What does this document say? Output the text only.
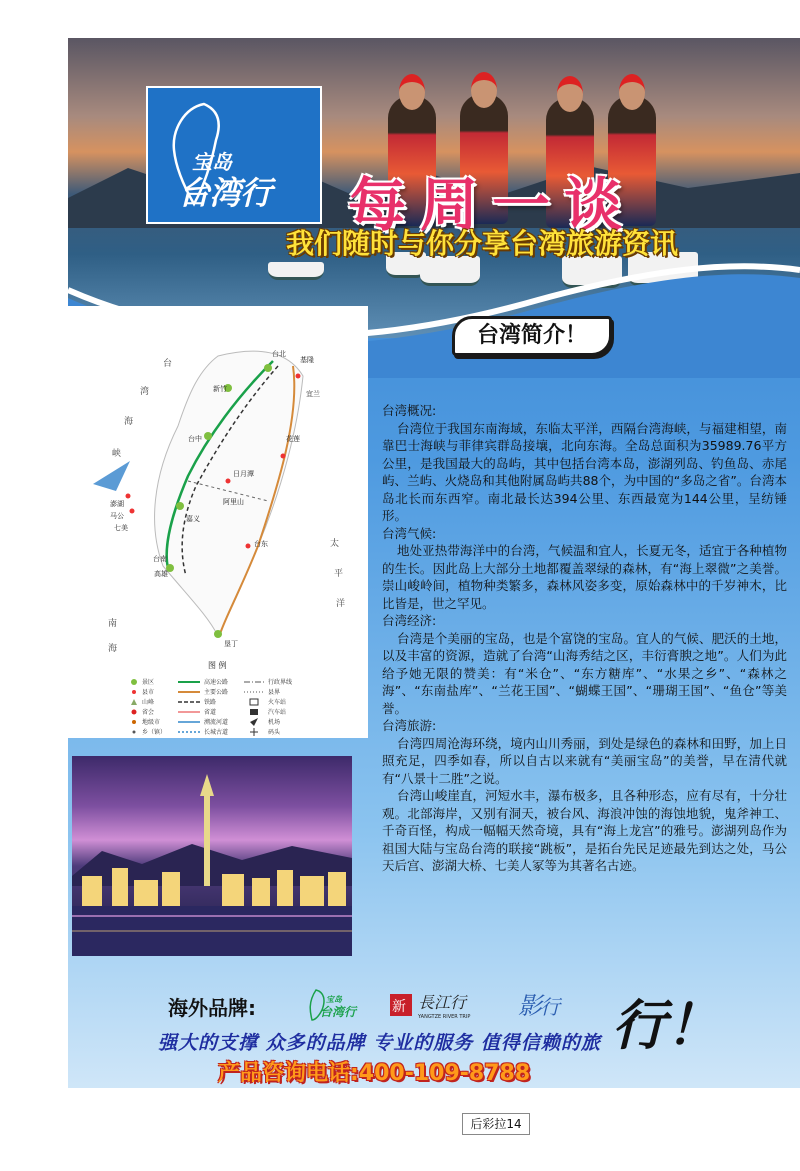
宝岛
台湾行 每周一谈
我们随时与你分享台湾旅游资讯
台湾简介！
台北
台中
台南
高雄
基隆
新竹
花莲
台东
垦丁
日月潭
阿里山
嘉义
宜兰
澎湖
马公
七美
台
湾
海
峡
太
平
洋
南
海
图 例
景区
县市
山峰
省会
地级市
乡（镇）
高速公路
主要公路
铁路
省道
溯流河道
长城古道
行政界线
县界
火车站
汽车站
机场
码头
台湾概况:

台湾位于我国东南海域，东临太平洋，西隔台湾海峡，与福建相望，南靠巴士海峡与菲律宾群岛接壤，北向东海。全岛总面积为35989.76平方公里，是我国最大的岛屿，其中包括台湾本岛，澎湖列岛、钓鱼岛、赤尾屿、兰屿、火烧岛和其他附属岛屿共88个，为中国的“多岛之省”。台湾本岛北长而东西窄。南北最长达394公里、东西最宽为144公里，呈纺锤形。

台湾气候:

地处亚热带海洋中的台湾，气候温和宜人，长夏无冬，适宜于各种植物的生长。因此岛上大部分土地都覆盖翠绿的森林，有“海上翠微”之美誉。崇山峻岭间，植物种类繁多，森林风姿多变，原始森林中的千岁神木，比比皆是，世之罕见。

台湾经济:

台湾是个美丽的宝岛，也是个富饶的宝岛。宜人的气候、肥沃的土地，以及丰富的资源，造就了台湾“山海秀结之区，丰衍膏腴之地”。人们为此给予她无限的赞美：有“米仓”、“东方糖库”、“水果之乡”、“森林之海”、“东南盐库”、“兰花王国”、“蝴蝶王国”、“珊瑚王国”、“鱼仓”等美誉。

台湾旅游:

台湾四周沧海环绕，境内山川秀丽，到处是绿色的森林和田野，加上日照充足，四季如春，所以自古以来就有“美丽宝岛”的美誉，早在清代就有“八景十二胜”之说。

台湾山峻崖直，河短水丰，瀑布极多，且各种形态，应有尽有，十分壮观。北部海岸，又别有洞天，被台风、海浪冲蚀的海蚀地貌，鬼斧神工、千奇百怪，构成一幅幅天然奇境，具有“海上龙宫”的雅号。澎湖列岛作为祖国大陆与宝岛台湾的联接“跳板”，是拓台先民足迹最先到达之处，马公天后宫、澎湖大桥、七美人冢等为其著名古迹。

海外品牌:	台湾行
宝岛	新 長江行
YANGTZE RIVER TRIP 影
行 行！
强大的支撑 众多的品牌 专业的服务 值得信赖的旅
产品咨询电话:400-109-8788
后彩拉14
